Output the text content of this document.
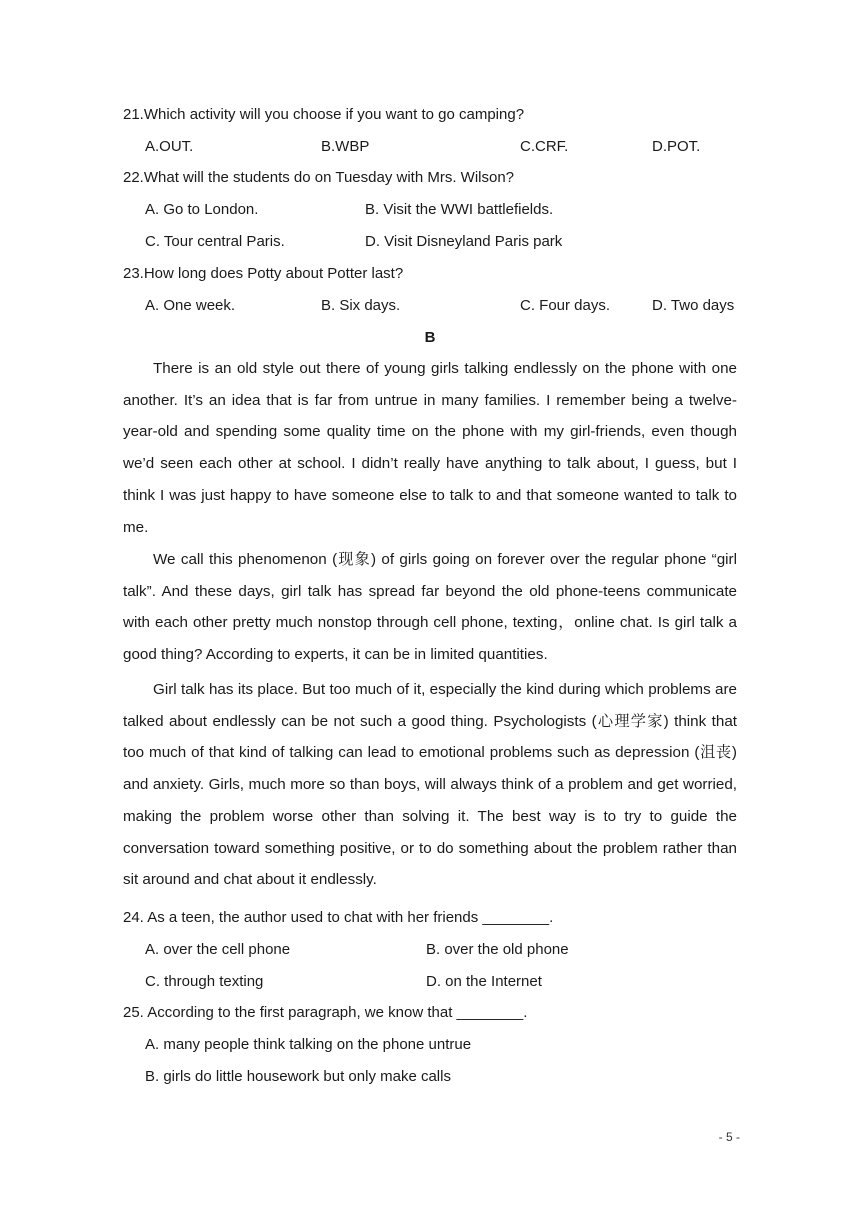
21.Which activity will you choose if you want to go camping?
A.OUT.	B.WBP	C.CRF.	D.POT.
22.What will the students do on Tuesday with Mrs. Wilson?
A. Go to London.	B. Visit the WWI battlefields.
C. Tour central Paris.	D. Visit Disneyland Paris park
23.How long does Potty about Potter last?
A. One week.	B. Six days.	C. Four days.	D. Two days
B
There is an old style out there of young girls talking endlessly on the phone with one another. It’s an idea that is far from untrue in many families. I remember being a twelve-year-old and spending some quality time on the phone with my girl-friends, even though we’d seen each other at school. I didn’t really have anything to talk about, I guess, but I think I was just happy to have someone else to talk to and that someone wanted to talk to me.
We call this phenomenon (现象) of girls going on forever over the regular phone “girl talk”. And these days, girl talk has spread far beyond the old phone-teens communicate with each other pretty much nonstop through cell phone, texting，online chat. Is girl talk a good thing? According to experts, it can be in limited quantities.
Girl talk has its place. But too much of it, especially the kind during which problems are talked about endlessly can be not such a good thing. Psychologists (心理学家) think that too much of that kind of talking can lead to emotional problems such as depression (沮丧) and anxiety. Girls, much more so than boys, will always think of a problem and get worried, making the problem worse other than solving it. The best way is to try to guide the conversation toward something positive, or to do something about the problem rather than sit around and chat about it endlessly.
24. As a teen, the author used to chat with her friends ________.
A. over the cell phone	B. over the old phone
C. through texting	D. on the Internet
25. According to the first paragraph, we know that ________.
A. many people think talking on the phone untrue
B. girls do little housework but only make calls
- 5 -
